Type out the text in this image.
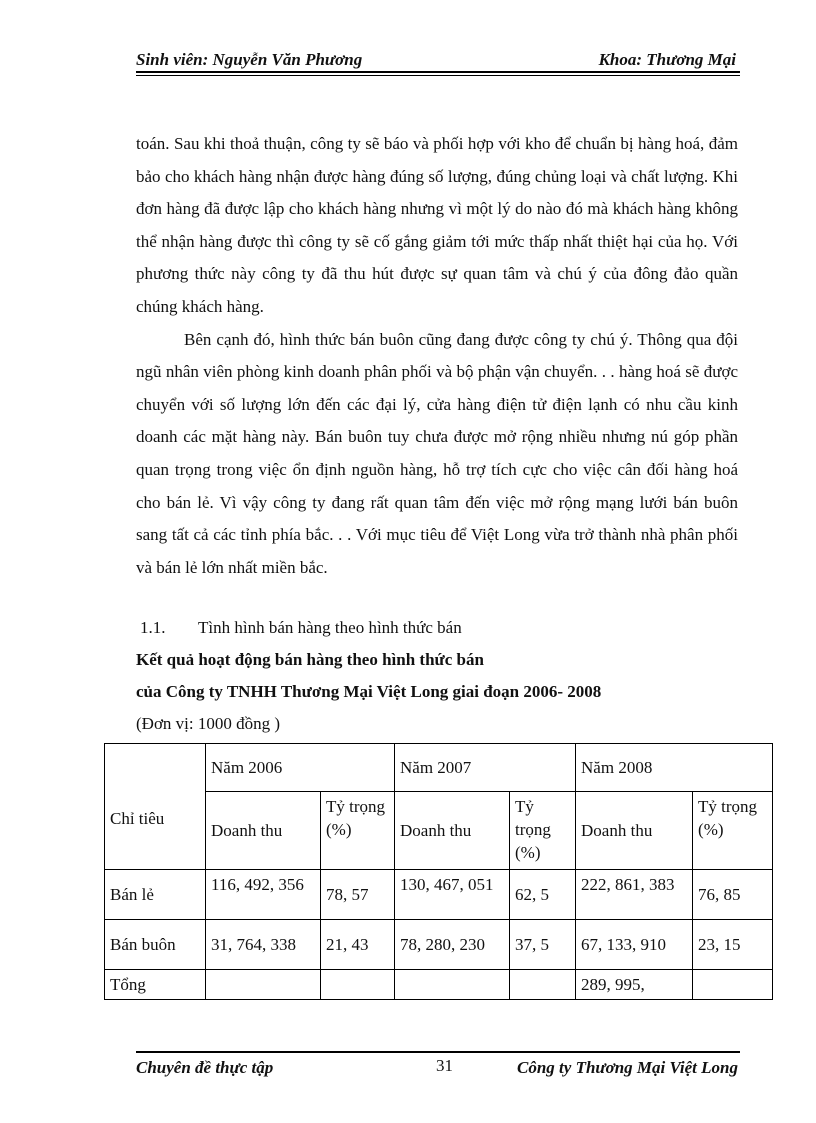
Sinh viên: Nguyễn Văn Phương	Khoa: Thương Mại

toán. Sau khi thoả thuận, công ty sẽ báo và phối hợp với kho để chuẩn bị hàng hoá, đảm bảo cho khách hàng nhận được hàng đúng số lượng, đúng chủng loại và chất lượng. Khi đơn hàng đã được lập cho khách hàng nhưng vì một lý do nào đó mà khách hàng không thể nhận hàng được thì công ty sẽ cố gắng giảm tới mức thấp nhất thiệt hại của họ. Với phương thức này công ty đã thu hút được sự quan tâm và chú ý của đông đảo quần chúng khách hàng.

Bên cạnh đó, hình thức bán buôn cũng đang được công ty chú ý. Thông qua đội ngũ nhân viên phòng kinh doanh phân phối và bộ phận vận chuyển. . . hàng hoá sẽ được chuyển với số lượng lớn đến các đại lý, cửa hàng điện tử điện lạnh có nhu cầu kinh doanh các mặt hàng này. Bán buôn tuy chưa được mở rộng nhiều nhưng nú góp phần quan trọng trong việc ổn định nguồn hàng, hỗ trợ tích cực cho việc cân đối hàng hoá cho bán lẻ. Vì vậy công ty đang rất quan tâm đến việc mở rộng mạng lưới bán buôn sang tất cả các tỉnh phía bắc. . . Với mục tiêu để Việt Long vừa trở thành nhà phân phối và bán lẻ lớn nhất miền bắc.

1.1. Tình hình bán hàng theo hình thức bán
Kết quả hoạt động bán hàng theo hình thức bán
của Công ty TNHH Thương Mại Việt Long giai đoạn 2006- 2008
(Đơn vị: 1000 đồng )
Chỉ tiêu	Năm 2006		Năm 2007		Năm 2008	
	Doanh thu	Tỷ trọng (%)	Doanh thu	Tỷ trọng (%)	Doanh thu	Tỷ trọng (%)
Bán lẻ	116, 492, 356	78, 57	130, 467, 051	62, 5	222, 861, 383	76, 85
Bán buôn	31, 764, 338	21, 43	78, 280, 230	37, 5	67, 133, 910	23, 15
Tổng					289, 995,	
Chuyên đề thực tập	31	Công ty Thương Mại Việt Long
